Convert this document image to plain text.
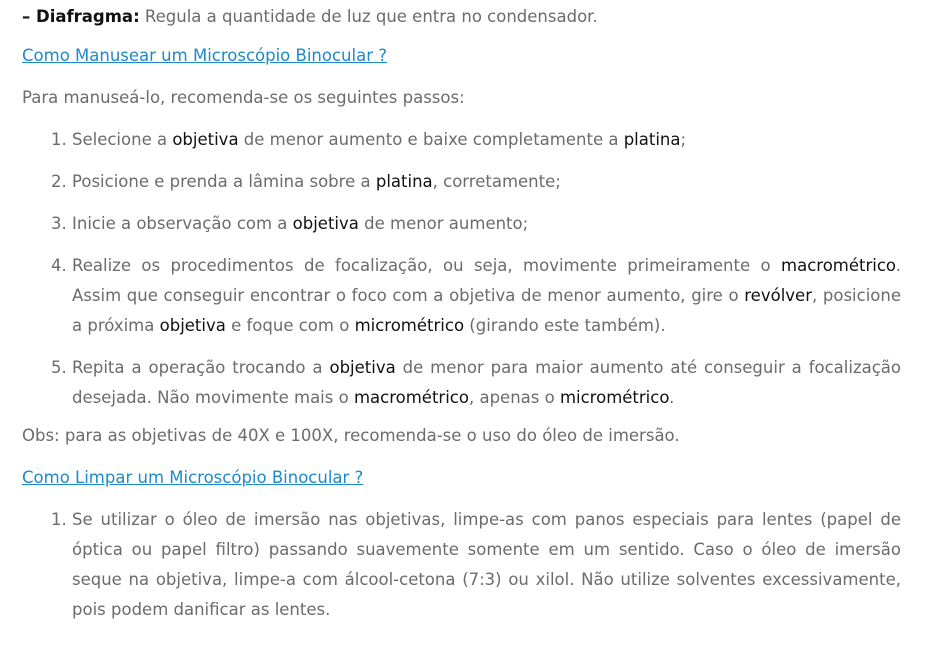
– Diafragma: Regula a quantidade de luz que entra no condensador.

Como Manusear um Microscópio Binocular ?

Para manuseá-lo, recomenda-se os seguintes passos:

1. Selecione a objetiva de menor aumento e baixe completamente a platina;
2. Posicione e prenda a lâmina sobre a platina, corretamente;
3. Inicie a observação com a objetiva de menor aumento;
4. Realize os procedimentos de focalização, ou seja, movimente primeiramente o macrométrico. Assim que conseguir encontrar o foco com a objetiva de menor aumento, gire o revólver, posicione a próxima objetiva e foque com o micrométrico (girando este também).
5. Repita a operação trocando a objetiva de menor para maior aumento até conseguir a focalização desejada. Não movimente mais o macrométrico, apenas o micrométrico.

Obs: para as objetivas de 40X e 100X, recomenda-se o uso do óleo de imersão.

Como Limpar um Microscópio Binocular ?

1. Se utilizar o óleo de imersão nas objetivas, limpe-as com panos especiais para lentes (papel de óptica ou papel filtro) passando suavemente somente em um sentido. Caso o óleo de imersão seque na objetiva, limpe-a com álcool-cetona (7:3) ou xilol. Não utilize solventes excessivamente, pois podem danificar as lentes.
